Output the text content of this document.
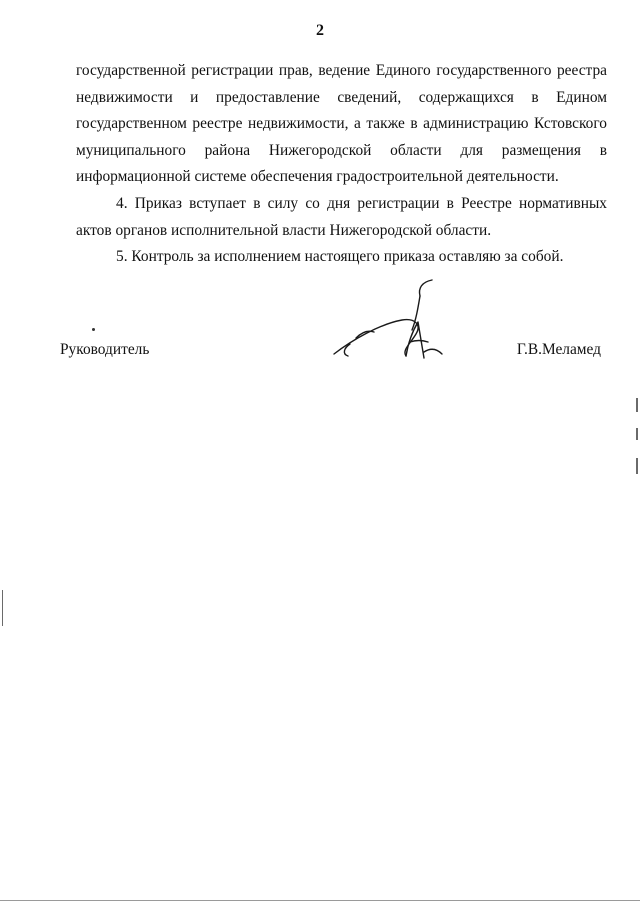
2

государственной регистрации прав, ведение Единого государственного реестра недвижимости и предоставление сведений, содержащихся в Едином государственном реестре недвижимости, а также в администрацию Кстовского муниципального района Нижегородской области для размещения в информационной системе обеспечения градостроительной деятельности.

4. Приказ вступает в силу со дня регистрации в Реестре нормативных актов органов исполнительной власти Нижегородской области.

5. Контроль за исполнением настоящего приказа оставляю за собой.

Руководитель	Г.В.Меламед
